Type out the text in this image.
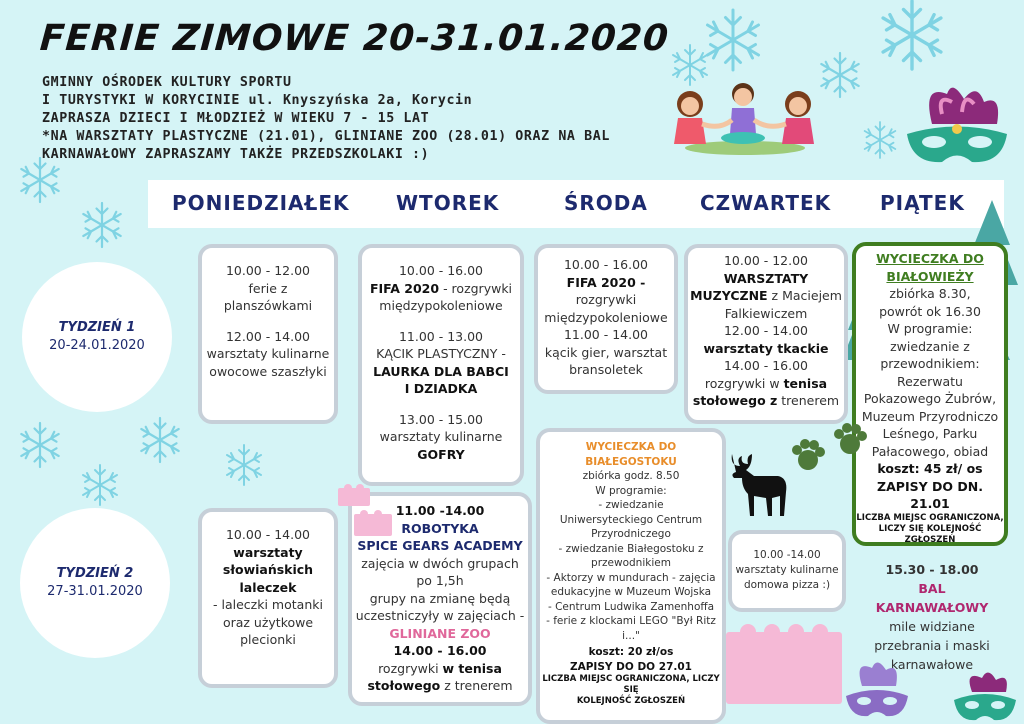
FERIE ZIMOWE 20-31.01.2020
GMINNY OŚRODEK KULTURY SPORTU
I TURYSTYKI W KORYCINIE ul. Knyszyńska 2a, Korycin
ZAPRASZA DZIECI I MŁODZIEŻ W WIEKU 7 - 15 LAT
*NA WARSZTATY PLASTYCZNE (21.01), GLINIANE ZOO (28.01) ORAZ NA BAL
KARNAWAŁOWY ZAPRASZAMY TAKŻE PRZEDSZKOLAKI :)
PONIEDZIAŁEK WTOREK	ŚRODA	CZWARTEK PIĄTEK
TYDZIEŃ 1
20-24.01.2020
TYDZIEŃ 2
27-31.01.2020
10.00 - 12.00
ferie z
planszówkami
12.00 - 14.00
warsztaty kulinarne
owocowe szaszłyki
10.00 - 16.00
FIFA 2020 - rozgrywki
międzypokoleniowe
11.00 - 13.00
KĄCIK PLASTYCZNY -
LAURKA DLA BABCI
I DZIADKA
13.00 - 15.00
warsztaty kulinarne
GOFRY
10.00 - 16.00
FIFA 2020 -
rozgrywki
międzypokoleniowe
11.00 - 14.00
kącik gier, warsztat
bransoletek
10.00 - 12.00
WARSZTATY
MUZYCZNE z Maciejem
Falkiewiczem
12.00 - 14.00
warsztaty tkackie
14.00 - 16.00
rozgrywki w tenisa
stołowego z trenerem
WYCIECZKA DO
BIAŁOWIEŻY
zbiórka 8.30,
powrót ok 16.30
W programie:
zwiedzanie z
przewodnikiem:
Rezerwatu
Pokazowego Żubrów,
Muzeum Przyrodniczo
Leśnego, Parku
Pałacowego, obiad
koszt: 45 zł/ os
ZAPISY DO DN. 21.01
LICZBA MIEJSC OGRANICZONA,
LICZY SIĘ KOLEJNOŚĆ ZGŁOSZEŃ
10.00 - 14.00
warsztaty
słowiańskich
laleczek
- laleczki motanki
oraz użytkowe
plecionki
11.00 -14.00
ROBOTYKA
SPICE GEARS ACADEMY
zajęcia w dwóch grupach
po 1,5h
grupy na zmianę będą
uczestniczyły w zajęciach -
GLINIANE ZOO
14.00 - 16.00
rozgrywki w tenisa
stołowego z trenerem
WYCIECZKA DO
BIAŁEGOSTOKU
zbiórka godz. 8.50
W programie:
- zwiedzanie
Uniwersyteckiego Centrum
Przyrodniczego
- zwiedzanie Białegostoku z
przewodnikiem
- Aktorzy w mundurach - zajęcia
edukacyjne w Muzeum Wojska
- Centrum Ludwika Zamenhoffa
- ferie z klockami LEGO "Był Ritz
i..."
koszt: 20 zł/os
ZAPISY DO DO 27.01
LICZBA MIEJSC OGRANICZONA, LICZY SIĘ
KOLEJNOŚĆ ZGŁOSZEŃ
10.00 -14.00
warsztaty kulinarne
domowa pizza :)
15.30 - 18.00
BAL
KARNAWAŁOWY
mile widziane
przebrania i maski
karnawałowe
